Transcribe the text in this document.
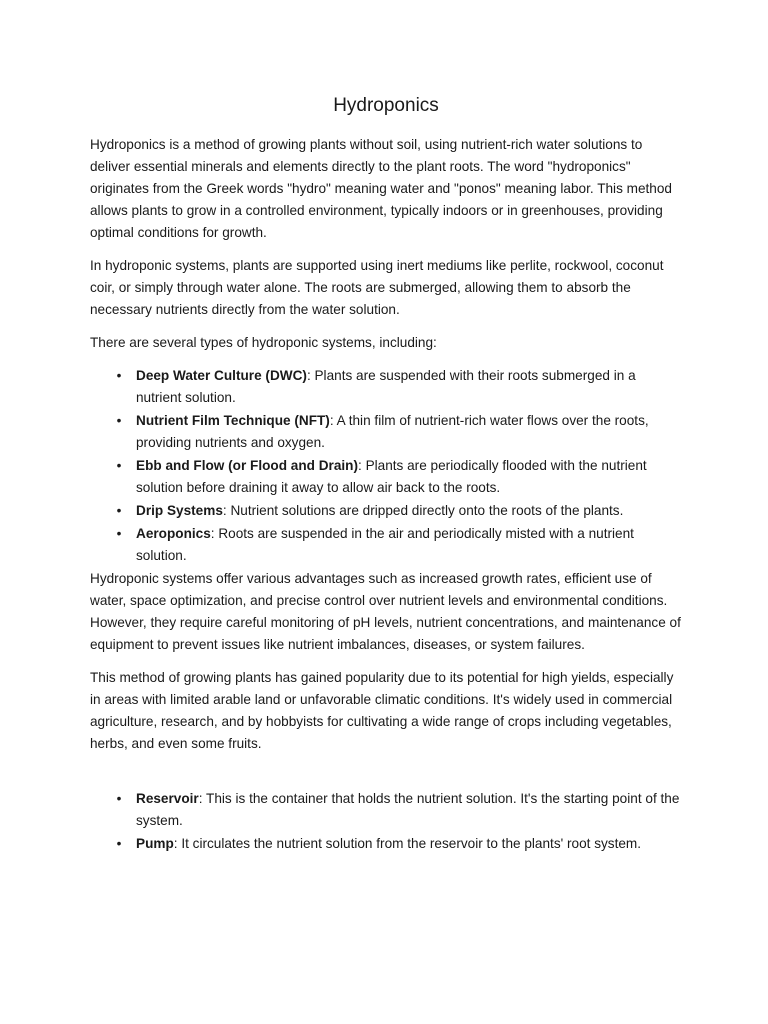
Hydroponics

Hydroponics is a method of growing plants without soil, using nutrient-rich water solutions to deliver essential minerals and elements directly to the plant roots. The word "hydroponics" originates from the Greek words "hydro" meaning water and "ponos" meaning labor. This method allows plants to grow in a controlled environment, typically indoors or in greenhouses, providing optimal conditions for growth.

In hydroponic systems, plants are supported using inert mediums like perlite, rockwool, coconut coir, or simply through water alone. The roots are submerged, allowing them to absorb the necessary nutrients directly from the water solution.

There are several types of hydroponic systems, including:

• Deep Water Culture (DWC): Plants are suspended with their roots submerged in a nutrient solution.
• Nutrient Film Technique (NFT): A thin film of nutrient-rich water flows over the roots, providing nutrients and oxygen.
• Ebb and Flow (or Flood and Drain): Plants are periodically flooded with the nutrient solution before draining it away to allow air back to the roots.
• Drip Systems: Nutrient solutions are dripped directly onto the roots of the plants.
• Aeroponics: Roots are suspended in the air and periodically misted with a nutrient solution.

Hydroponic systems offer various advantages such as increased growth rates, efficient use of water, space optimization, and precise control over nutrient levels and environmental conditions. However, they require careful monitoring of pH levels, nutrient concentrations, and maintenance of equipment to prevent issues like nutrient imbalances, diseases, or system failures.

This method of growing plants has gained popularity due to its potential for high yields, especially in areas with limited arable land or unfavorable climatic conditions. It's widely used in commercial agriculture, research, and by hobbyists for cultivating a wide range of crops including vegetables, herbs, and even some fruits.

• Reservoir: This is the container that holds the nutrient solution. It's the starting point of the system.
• Pump: It circulates the nutrient solution from the reservoir to the plants' root system.
